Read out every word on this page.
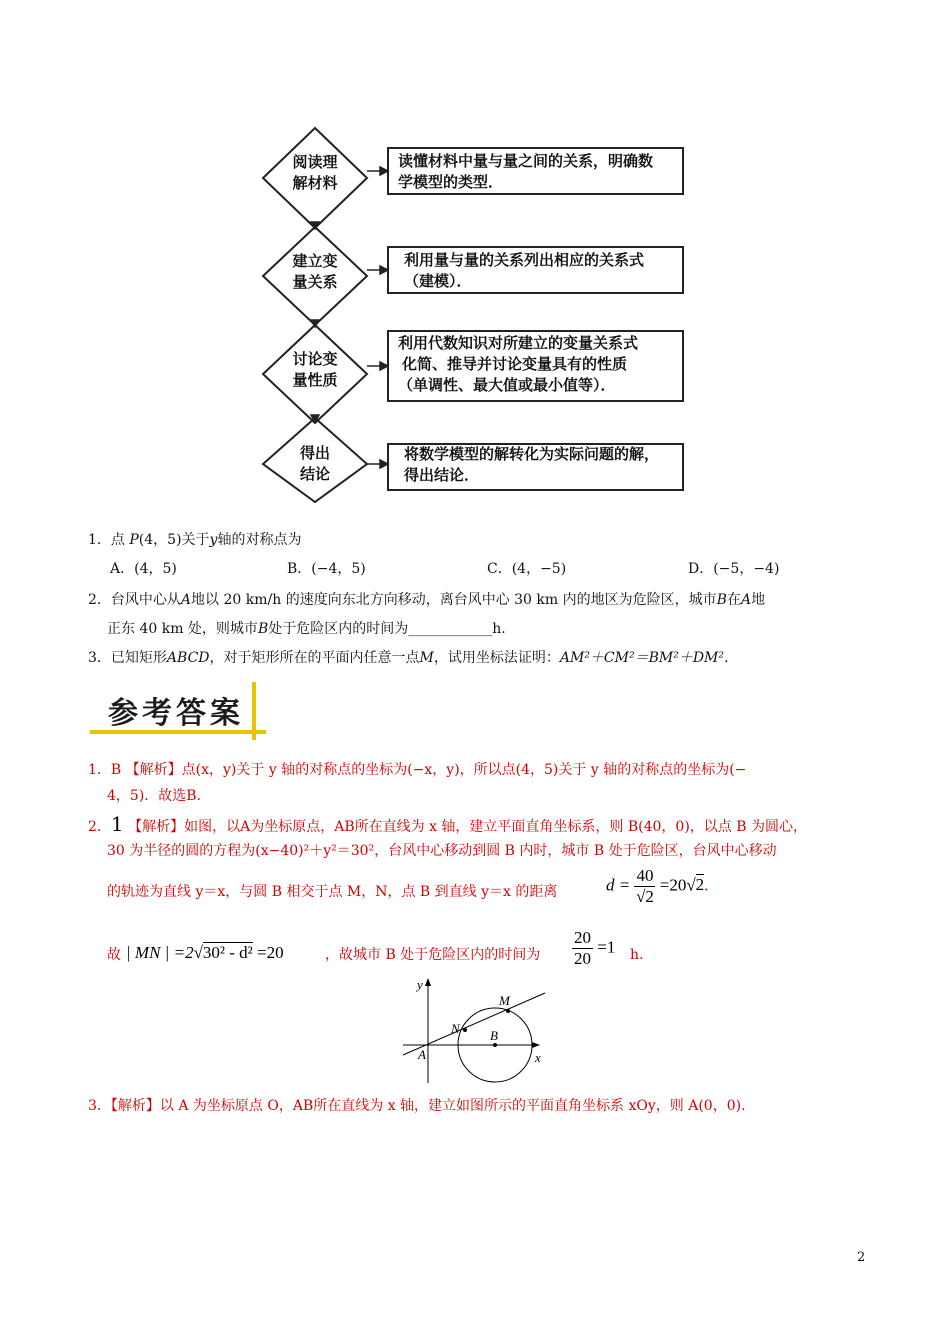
阅读理
解材料
建立变
量关系
讨论变
量性质
得出
结论
读懂材料中量与量之间的关系，明确数
学模型的类型．
利用量与量的关系列出相应的关系式
（建模）．
利用代数知识对所建立的变量关系式
化简、推导并讨论变量具有的性质
（单调性、最大值或最小值等）．
将数学模型的解转化为实际问题的解，
得出结论．
1．点 P(4，5)关于y轴的对称点为
A．(4，5)	B．(−4，5)	C．(4，−5)	D．(−5，−4)
2．台风中心从A地以 20 km/h 的速度向东北方向移动，离台风中心 30 km 内的地区为危险区，城市B在A地
正东 40 km 处，则城市B处于危险区内的时间为____________h.
3．已知矩形ABCD，对于矩形所在的平面内任意一点M，试用坐标法证明：AM²＋CM²＝BM²＋DM².
参考答案
1．B 【解析】点(x，y)关于 y 轴的对称点的坐标为(−x，y)，所以点(4，5)关于 y 轴的对称点的坐标为(−
4，5)．故选B.
2．1 【解析】如图，以A为坐标原点，AB所在直线为 x 轴，建立平面直角坐标系，则 B(40，0)，以点 B 为圆心，
30 为半径的圆的方程为(x−40)²＋y²＝30²，台风中心移动到圆 B 内时，城市 B 处于危险区，台风中心移动
的轨迹为直线 y＝x，与圆 B 相交于点 M，N，点 B 到直线 y＝x 的距离	$d = \frac{40}{√2} =20√2$.
故 | MN | =2√30² - d² =20	，故城市 B 处于危险区内的时间为 $\frac{20}{20} =1$ h.
y
x
A
B
M
N
3．【解析】以 A 为坐标原点 O，AB所在直线为 x 轴，建立如图所示的平面直角坐标系 xOy，则 A(0，0).
2
